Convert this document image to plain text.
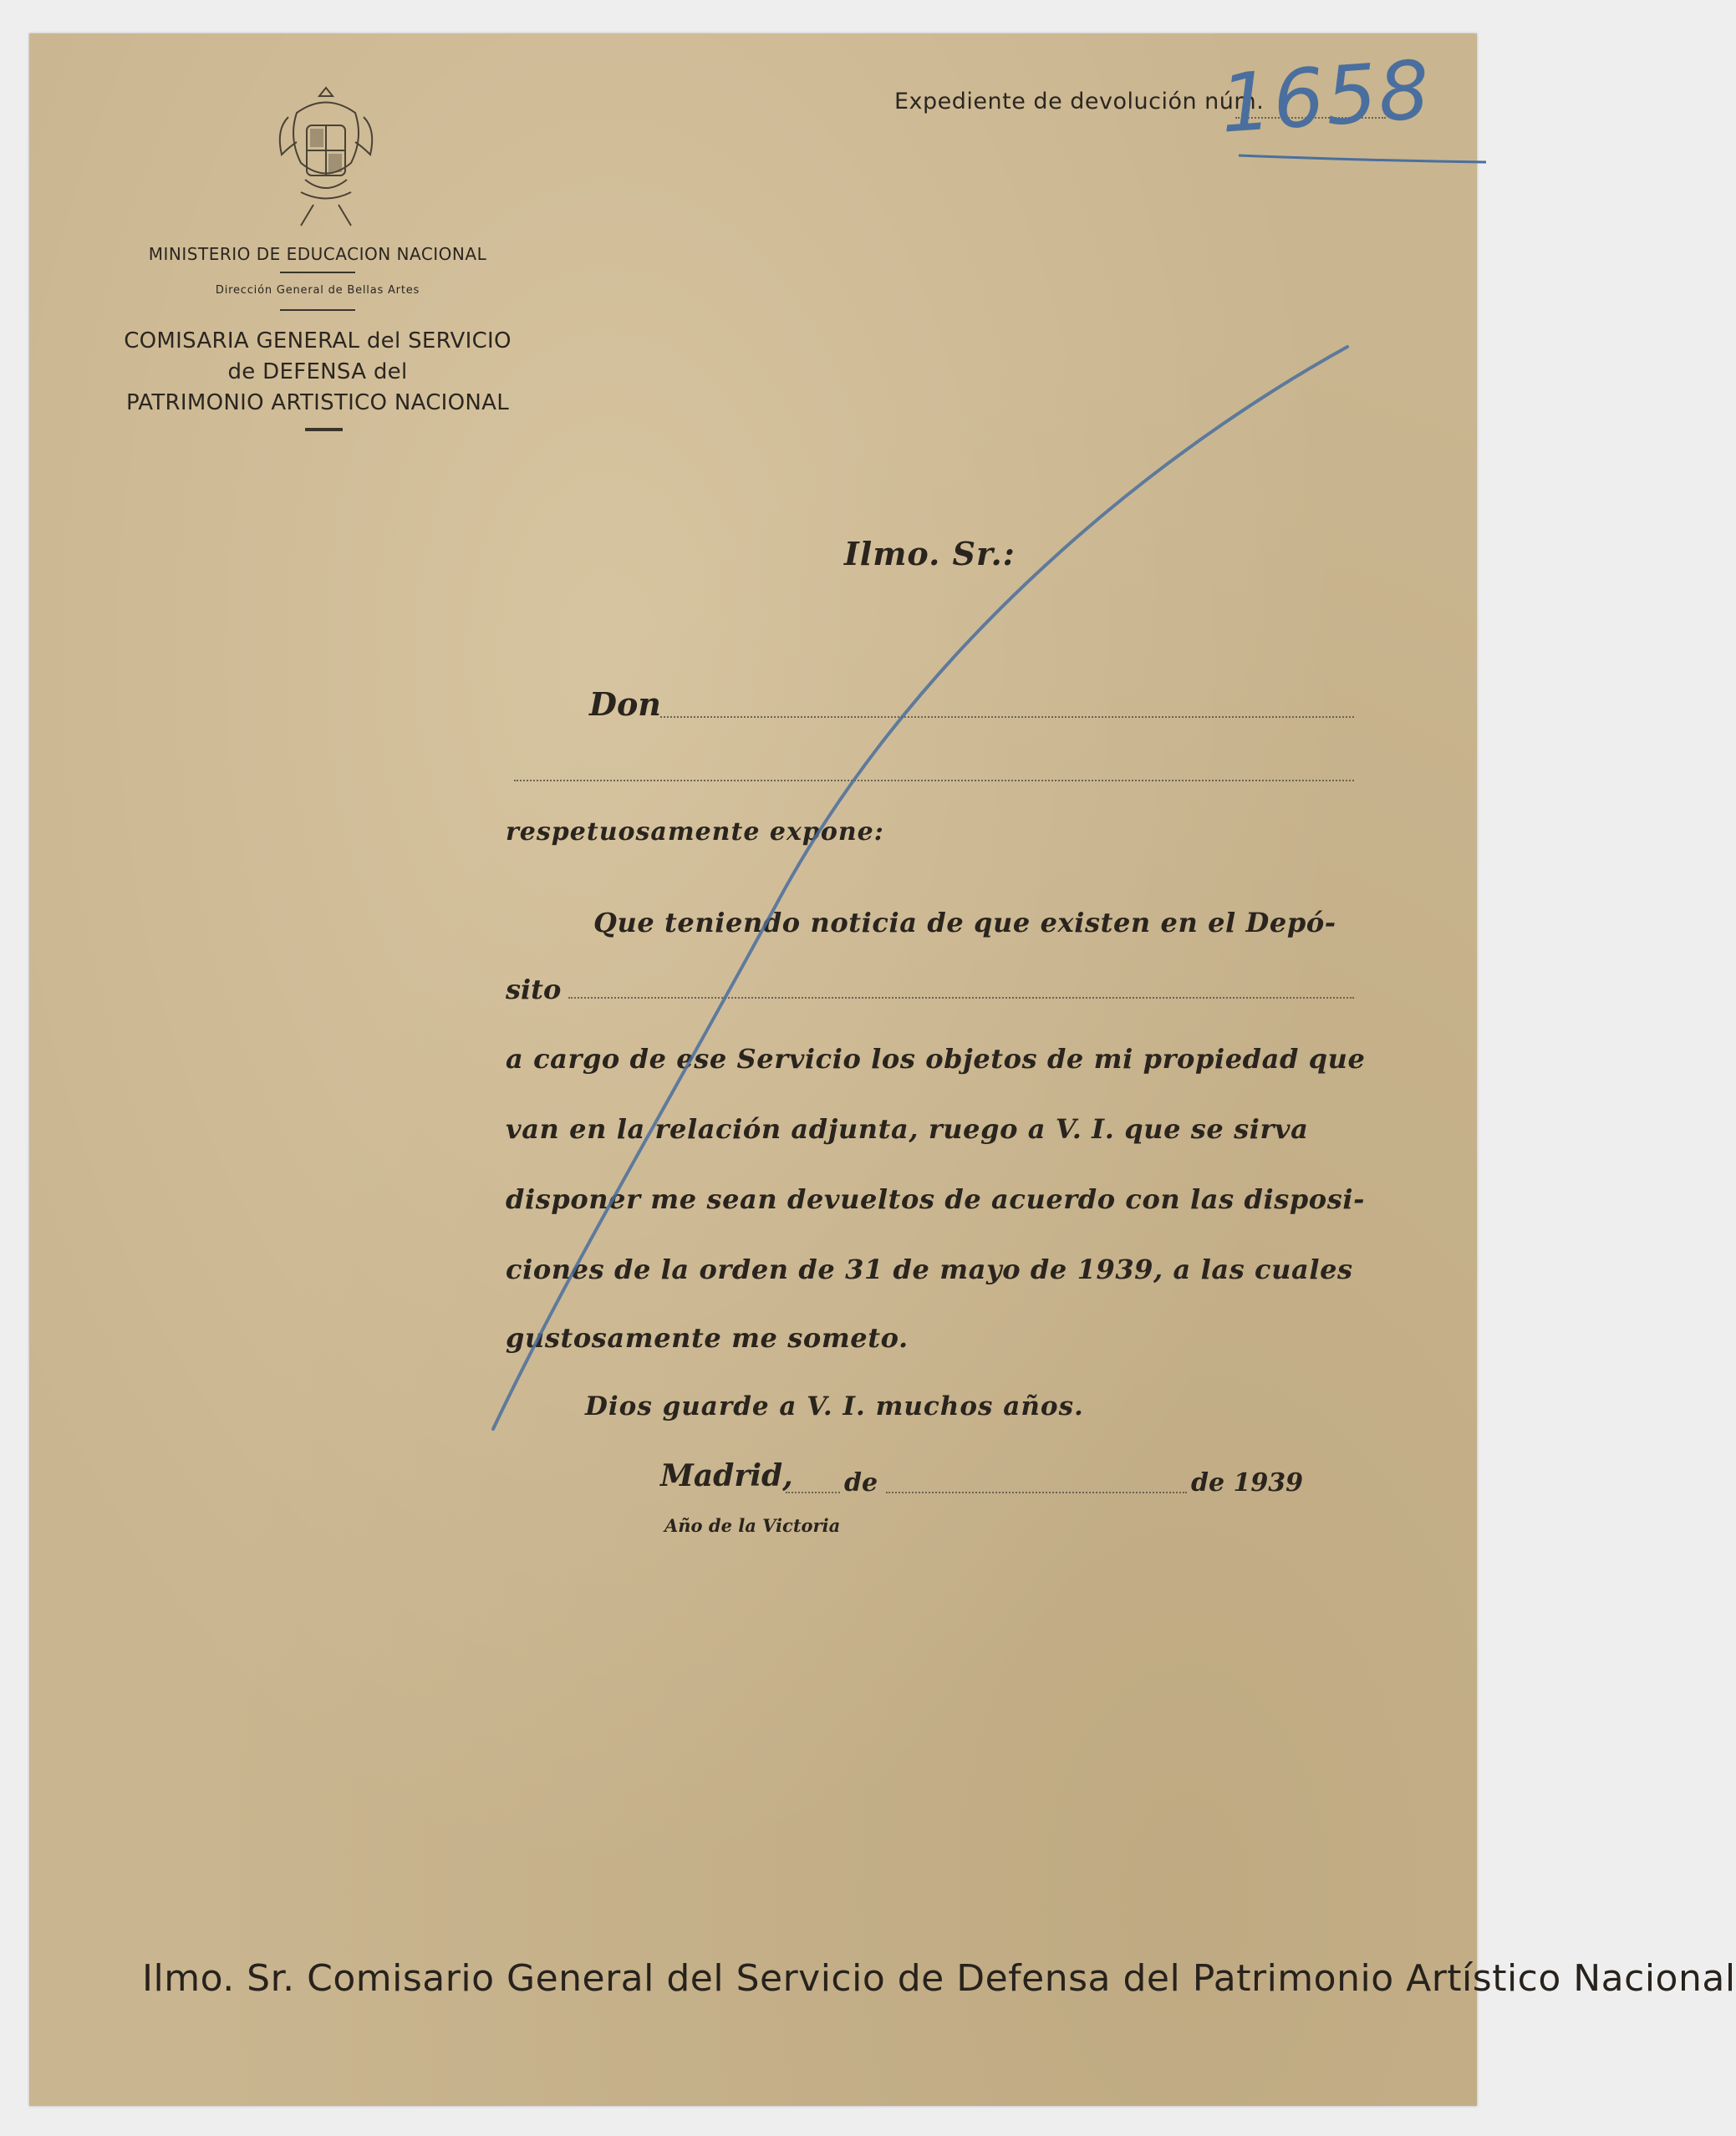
Expediente de devolución núm.
1658
MINISTERIO DE EDUCACION NACIONAL
Dirección General de Bellas Artes
COMISARIA GENERAL del SERVICIO
de DEFENSA del
PATRIMONIO ARTISTICO NACIONAL
Ilmo. Sr.:
Don
respetuosamente expone:
Que teniendo noticia de que existen en el Depó-
sito
a cargo de ese Servicio los objetos de mi propiedad que
van en la relación adjunta, ruego a V. I. que se sirva
disponer me sean devueltos de acuerdo con las disposi-
ciones de la orden de 31 de mayo de 1939, a las cuales
gustosamente me someto.
Dios guarde a V. I. muchos años.
Madrid, de	de 1939
Año de la Victoria
Ilmo. Sr. Comisario General del Servicio de Defensa del Patrimonio Artístico Nacional
